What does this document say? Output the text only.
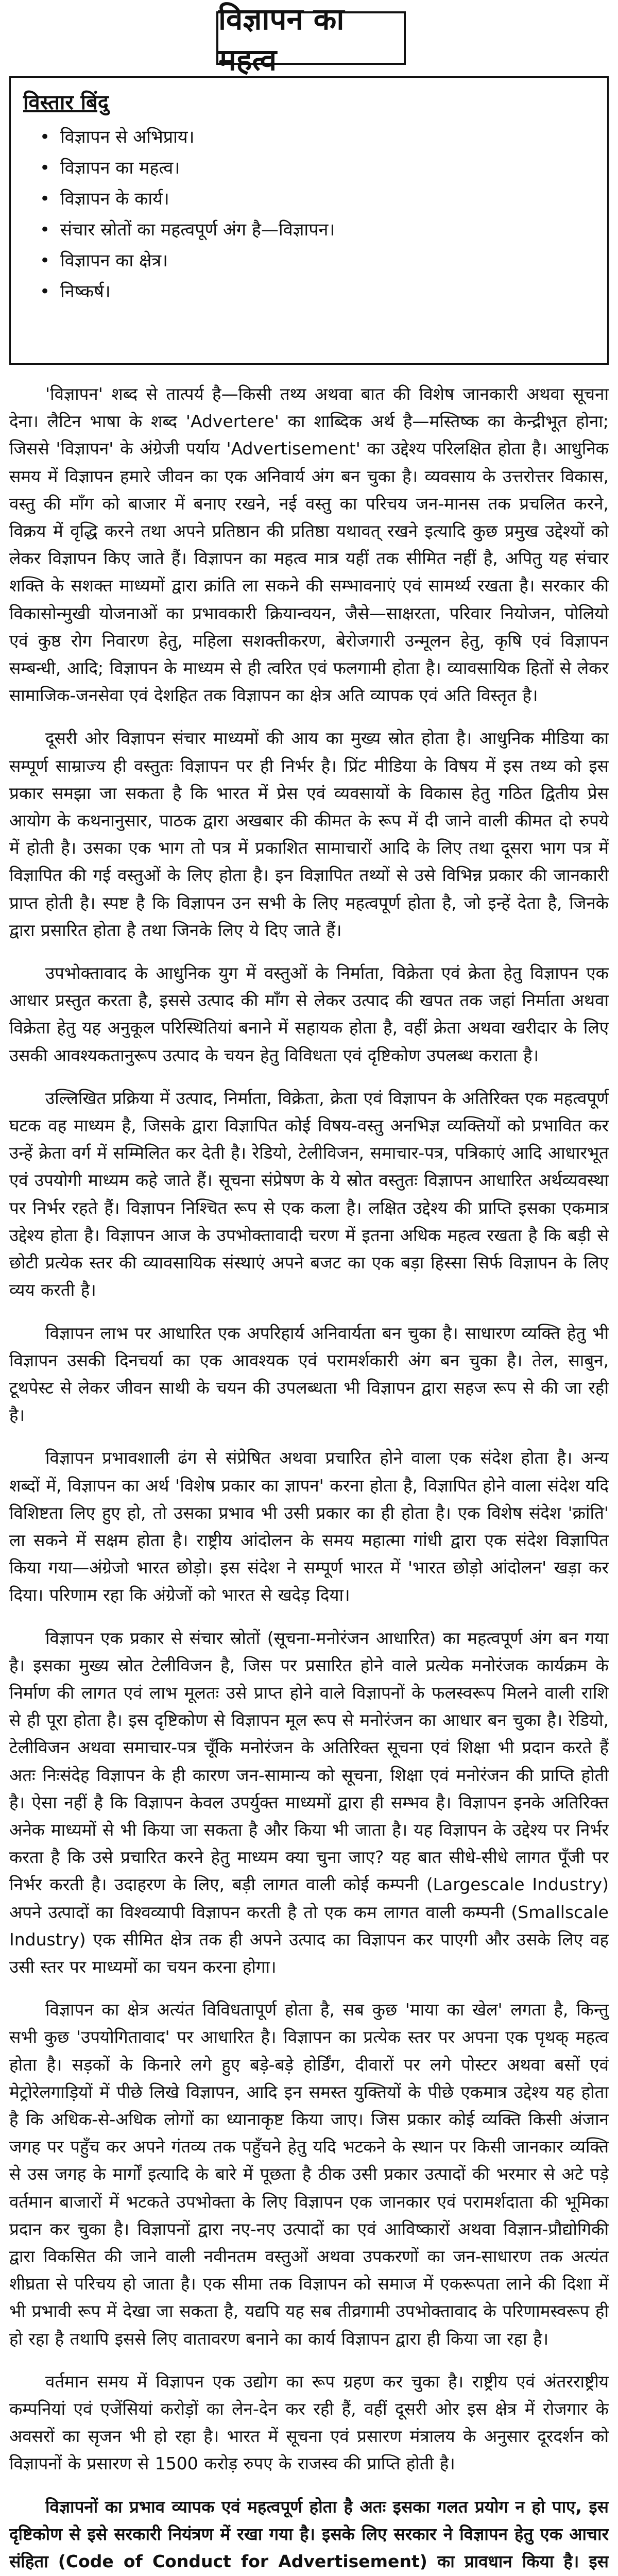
विज्ञापन का महत्व
विस्तार बिंदु
• विज्ञापन से अभिप्राय।
• विज्ञापन का महत्व।
• विज्ञापन के कार्य।
• संचार स्रोतों का महत्वपूर्ण अंग है—विज्ञापन।
• विज्ञापन का क्षेत्र।
• निष्कर्ष।

'विज्ञापन' शब्द से तात्पर्य है—किसी तथ्य अथवा बात की विशेष जानकारी अथवा सूचना देना। लैटिन भाषा के शब्द 'Advertere' का शाब्दिक अर्थ है—मस्तिष्क का केन्द्रीभूत होना; जिससे 'विज्ञापन' के अंग्रेजी पर्याय 'Advertisement' का उद्देश्य परिलक्षित होता है। आधुनिक समय में विज्ञापन हमारे जीवन का एक अनिवार्य अंग बन चुका है। व्यवसाय के उत्तरोत्तर विकास, वस्तु की माँग को बाजार में बनाए रखने, नई वस्तु का परिचय जन-मानस तक प्रचलित करने, विक्रय में वृद्धि करने तथा अपने प्रतिष्ठान की प्रतिष्ठा यथावत् रखने इत्यादि कुछ प्रमुख उद्देश्यों को लेकर विज्ञापन किए जाते हैं। विज्ञापन का महत्व मात्र यहीं तक सीमित नहीं है, अपितु यह संचार शक्ति के सशक्त माध्यमों द्वारा क्रांति ला सकने की सम्भावनाएं एवं सामर्थ्य रखता है। सरकार की विकासोन्मुखी योजनाओं का प्रभावकारी क्रियान्वयन, जैसे—साक्षरता, परिवार नियोजन, पोलियो एवं कुष्ठ रोग निवारण हेतु, महिला सशक्तीकरण, बेरोजगारी उन्मूलन हेतु, कृषि एवं विज्ञापन सम्बन्धी, आदि; विज्ञापन के माध्यम से ही त्वरित एवं फलगामी होता है। व्यावसायिक हितों से लेकर सामाजिक-जनसेवा एवं देशहित तक विज्ञापन का क्षेत्र अति व्यापक एवं अति विस्तृत है।

दूसरी ओर विज्ञापन संचार माध्यमों की आय का मुख्य स्रोत होता है। आधुनिक मीडिया का सम्पूर्ण साम्राज्य ही वस्तुतः विज्ञापन पर ही निर्भर है। प्रिंट मीडिया के विषय में इस तथ्य को इस प्रकार समझा जा सकता है कि भारत में प्रेस एवं व्यवसायों के विकास हेतु गठित द्वितीय प्रेस आयोग के कथनानुसार, पाठक द्वारा अखबार की कीमत के रूप में दी जाने वाली कीमत दो रुपये में होती है। उसका एक भाग तो पत्र में प्रकाशित सामाचारों आदि के लिए तथा दूसरा भाग पत्र में विज्ञापित की गई वस्तुओं के लिए होता है। इन विज्ञापित तथ्यों से उसे विभिन्न प्रकार की जानकारी प्राप्त होती है। स्पष्ट है कि विज्ञापन उन सभी के लिए महत्वपूर्ण होता है, जो इन्हें देता है, जिनके द्वारा प्रसारित होता है तथा जिनके लिए ये दिए जाते हैं।

उपभोक्तावाद के आधुनिक युग में वस्तुओं के निर्माता, विक्रेता एवं क्रेता हेतु विज्ञापन एक आधार प्रस्तुत करता है, इससे उत्पाद की माँग से लेकर उत्पाद की खपत तक जहां निर्माता अथवा विक्रेता हेतु यह अनुकूल परिस्थितियां बनाने में सहायक होता है, वहीं क्रेता अथवा खरीदार के लिए उसकी आवश्यकतानुरूप उत्पाद के चयन हेतु विविधता एवं दृष्टिकोण उपलब्ध कराता है।

उल्लिखित प्रक्रिया में उत्पाद, निर्माता, विक्रेता, क्रेता एवं विज्ञापन के अतिरिक्त एक महत्वपूर्ण घटक वह माध्यम है, जिसके द्वारा विज्ञापित कोई विषय-वस्तु अनभिज्ञ व्यक्तियों को प्रभावित कर उन्हें क्रेता वर्ग में सम्मिलित कर देती है। रेडियो, टेलीविजन, समाचार-पत्र, पत्रिकाएं आदि आधारभूत एवं उपयोगी माध्यम कहे जाते हैं। सूचना संप्रेषण के ये स्रोत वस्तुतः विज्ञापन आधारित अर्थव्यवस्था पर निर्भर रहते हैं। विज्ञापन निश्चित रूप से एक कला है। लक्षित उद्देश्य की प्राप्ति इसका एकमात्र उद्देश्य होता है। विज्ञापन आज के उपभोक्तावादी चरण में इतना अधिक महत्व रखता है कि बड़ी से छोटी प्रत्येक स्तर की व्यावसायिक संस्थाएं अपने बजट का एक बड़ा हिस्सा सिर्फ विज्ञापन के लिए व्यय करती है।

विज्ञापन लाभ पर आधारित एक अपरिहार्य अनिवार्यता बन चुका है। साधारण व्यक्ति हेतु भी विज्ञापन उसकी दिनचर्या का एक आवश्यक एवं परामर्शकारी अंग बन चुका है। तेल, साबुन, टूथपेस्ट से लेकर जीवन साथी के चयन की उपलब्धता भी विज्ञापन द्वारा सहज रूप से की जा रही है।

विज्ञापन प्रभावशाली ढंग से संप्रेषित अथवा प्रचारित होने वाला एक संदेश होता है। अन्य शब्दों में, विज्ञापन का अर्थ 'विशेष प्रकार का ज्ञापन' करना होता है, विज्ञापित होने वाला संदेश यदि विशिष्टता लिए हुए हो, तो उसका प्रभाव भी उसी प्रकार का ही होता है। एक विशेष संदेश 'क्रांति' ला सकने में सक्षम होता है। राष्ट्रीय आंदोलन के समय महात्मा गांधी द्वारा एक संदेश विज्ञापित किया गया—अंग्रेजो भारत छोड़ो। इस संदेश ने सम्पूर्ण भारत में 'भारत छोड़ो आंदोलन' खड़ा कर दिया। परिणाम रहा कि अंग्रेजों को भारत से खदेड़ दिया।

विज्ञापन एक प्रकार से संचार स्रोतों (सूचना-मनोरंजन आधारित) का महत्वपूर्ण अंग बन गया है। इसका मुख्य स्रोत टेलीविजन है, जिस पर प्रसारित होने वाले प्रत्येक मनोरंजक कार्यक्रम के निर्माण की लागत एवं लाभ मूलतः उसे प्राप्त होने वाले विज्ञापनों के फलस्वरूप मिलने वाली राशि से ही पूरा होता है। इस दृष्टिकोण से विज्ञापन मूल रूप से मनोरंजन का आधार बन चुका है। रेडियो, टेलीविजन अथवा समाचार-पत्र चूँकि मनोरंजन के अतिरिक्त सूचना एवं शिक्षा भी प्रदान करते हैं अतः निःसंदेह विज्ञापन के ही कारण जन-सामान्य को सूचना, शिक्षा एवं मनोरंजन की प्राप्ति होती है। ऐसा नहीं है कि विज्ञापन केवल उपर्युक्त माध्यमों द्वारा ही सम्भव है। विज्ञापन इनके अतिरिक्त अनेक माध्यमों से भी किया जा सकता है और किया भी जाता है। यह विज्ञापन के उद्देश्य पर निर्भर करता है कि उसे प्रचारित करने हेतु माध्यम क्या चुना जाए? यह बात सीधे-सीधे लागत पूँजी पर निर्भर करती है। उदाहरण के लिए, बड़ी लागत वाली कोई कम्पनी (Largescale Industry) अपने उत्पादों का विश्वव्यापी विज्ञापन करती है तो एक कम लागत वाली कम्पनी (Smallscale Industry) एक सीमित क्षेत्र तक ही अपने उत्पाद का विज्ञापन कर पाएगी और उसके लिए वह उसी स्तर पर माध्यमों का चयन करना होगा।

विज्ञापन का क्षेत्र अत्यंत विविधतापूर्ण होता है, सब कुछ 'माया का खेल' लगता है, किन्तु सभी कुछ 'उपयोगितावाद' पर आधारित है। विज्ञापन का प्रत्येक स्तर पर अपना एक पृथक् महत्व होता है। सड़कों के किनारे लगे हुए बड़े-बड़े होर्डिंग, दीवारों पर लगे पोस्टर अथवा बसों एवं मेट्रोरेलगाड़ियों में पीछे लिखे विज्ञापन, आदि इन समस्त युक्तियों के पीछे एकमात्र उद्देश्य यह होता है कि अधिक-से-अधिक लोगों का ध्यानाकृष्ट किया जाए। जिस प्रकार कोई व्यक्ति किसी अंजान जगह पर पहुँच कर अपने गंतव्य तक पहुँचने हेतु यदि भटकने के स्थान पर किसी जानकार व्यक्ति से उस जगह के मार्गों इत्यादि के बारे में पूछता है ठीक उसी प्रकार उत्पादों की भरमार से अटे पड़े वर्तमान बाजारों में भटकते उपभोक्ता के लिए विज्ञापन एक जानकार एवं परामर्शदाता की भूमिका प्रदान कर चुका है। विज्ञापनों द्वारा नए-नए उत्पादों का एवं आविष्कारों अथवा विज्ञान-प्रौद्योगिकी द्वारा विकसित की जाने वाली नवीनतम वस्तुओं अथवा उपकरणों का जन-साधारण तक अत्यंत शीघ्रता से परिचय हो जाता है। एक सीमा तक विज्ञापन को समाज में एकरूपता लाने की दिशा में भी प्रभावी रूप में देखा जा सकता है, यद्यपि यह सब तीव्रगामी उपभोक्तावाद के परिणामस्वरूप ही हो रहा है तथापि इससे लिए वातावरण बनाने का कार्य विज्ञापन द्वारा ही किया जा रहा है।

वर्तमान समय में विज्ञापन एक उद्योग का रूप ग्रहण कर चुका है। राष्ट्रीय एवं अंतरराष्ट्रीय कम्पनियां एवं एजेंसियां करोड़ों का लेन-देन कर रही हैं, वहीं दूसरी ओर इस क्षेत्र में रोजगार के अवसरों का सृजन भी हो रहा है। भारत में सूचना एवं प्रसारण मंत्रालय के अनुसार दूरदर्शन को विज्ञापनों के प्रसारण से 1500 करोड़ रुपए के राजस्व की प्राप्ति होती है।

विज्ञापनों का प्रभाव व्यापक एवं महत्वपूर्ण होता है अतः इसका गलत प्रयोग न हो पाए, इस दृष्टिकोण से इसे सरकारी नियंत्रण में रखा गया है। इसके लिए सरकार ने विज्ञापन हेतु एक आचार संहिता (Code of Conduct for Advertisement) का प्रावधान किया है। इस
